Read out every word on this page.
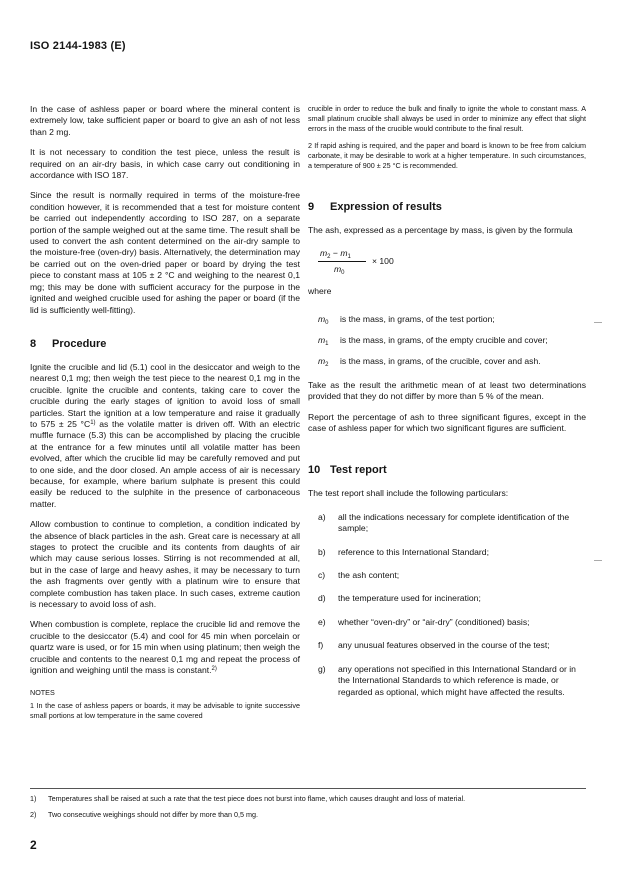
ISO 2144-1983 (E)

In the case of ashless paper or board where the mineral content is extremely low, take sufficient paper or board to give an ash of not less than 2 mg.

It is not necessary to condition the test piece, unless the result is required on an air-dry basis, in which case carry out conditioning in accordance with ISO 187.

Since the result is normally required in terms of the moisture-free condition however, it is recommended that a test for moisture content be carried out independently according to ISO 287, on a separate portion of the sample weighed out at the same time. The result shall be used to convert the ash content determined on the air-dry sample to the moisture-free (oven-dry) basis. Alternatively, the determination may be carried out on the oven-dried paper or board by drying the test piece to constant mass at 105 ± 2 °C and weighing to the nearest 0,1 mg; this may be done with sufficient accuracy for the purpose in the ignited and weighed crucible used for ashing the paper or board (if the lid is sufficiently well-fitting).

8 Procedure

Ignite the crucible and lid (5.1) cool in the desiccator and weigh to the nearest 0,1 mg; then weigh the test piece to the nearest 0,1 mg in the crucible. Ignite the crucible and contents, taking care to cover the crucible during the early stages of ignition to avoid loss of small particles. Start the ignition at a low temperature and raise it gradually to 575 ± 25 $^\circ C^{1)}$ as the volatile matter is driven off. With an electric muffle furnace (5.3) this can be accomplished by placing the crucible at the entrance for a few minutes until all volatile matter has been evolved, after which the crucible lid may be carefully removed and put to one side, and the door closed. An ample access of air is necessary because, for example, where barium sulphate is present this could easily be reduced to the sulphite in the presence of carbonaceous matter.

Allow combustion to continue to completion, a condition indicated by the absence of black particles in the ash. Great care is necessary at all stages to protect the crucible and its contents from daughts of air which may cause serious losses. Stirring is not recommended at all, but in the case of large and heavy ashes, it may be necessary to turn the ash fragments over gently with a platinum wire to ensure that complete combustion has taken place. In such cases, extreme caution is necessary to avoid loss of ash.

When combustion is complete, replace the crucible lid and remove the crucible to the desiccator (5.4) and cool for 45 min when porcelain or quartz ware is used, or for 15 min when using platinum; then weigh the crucible and contents to the nearest 0,1 mg and repeat the process of ignition and weighing until the mass is constant.$^{2)}$

NOTES

1 In the case of ashless papers or boards, it may be advisable to ignite successive small portions at low temperature in the same covered

crucible in order to reduce the bulk and finally to ignite the whole to constant mass. A small platinum crucible shall always be used in order to minimize any effect that slight errors in the mass of the crucible would contribute to the final result.

2 If rapid ashing is required, and the paper and board is known to be free from calcium carbonate, it may be desirable to work at a higher temperature. In such circumstances, a temperature of 900 ± 25 °C is recommended.

9 Expression of results

The ash, expressed as a percentage by mass, is given by the formula

$m_2 - m_1$
$m_0$
× 100

where

$m_0$	is the mass, in grams, of the test portion;
$m_1$	is the mass, in grams, of the empty crucible and cover;
$m_2$	is the mass, in grams, of the crucible, cover and ash.

Take as the result the arithmetic mean of at least two determinations provided that they do not differ by more than 5 % of the mean.

Report the percentage of ash to three significant figures, except in the case of ashless paper for which two significant figures are sufficient.

10 Test report

The test report shall include the following particulars:

a)	all the indications necessary for complete identification of the sample;
b)	reference to this International Standard;
c)	the ash content;
d)	the temperature used for incineration;
e)	whether “oven-dry” or “air-dry” (conditioned) basis;
f)	any unusual features observed in the course of the test;
g)	any operations not specified in this International Standard or in the International Standards to which reference is made, or regarded as optional, which might have affected the results.
1) Temperatures shall be raised at such a rate that the test piece does not burst into flame, which causes draught and loss of material.
2) Two consecutive weighings should not differ by more than 0,5 mg.
2
